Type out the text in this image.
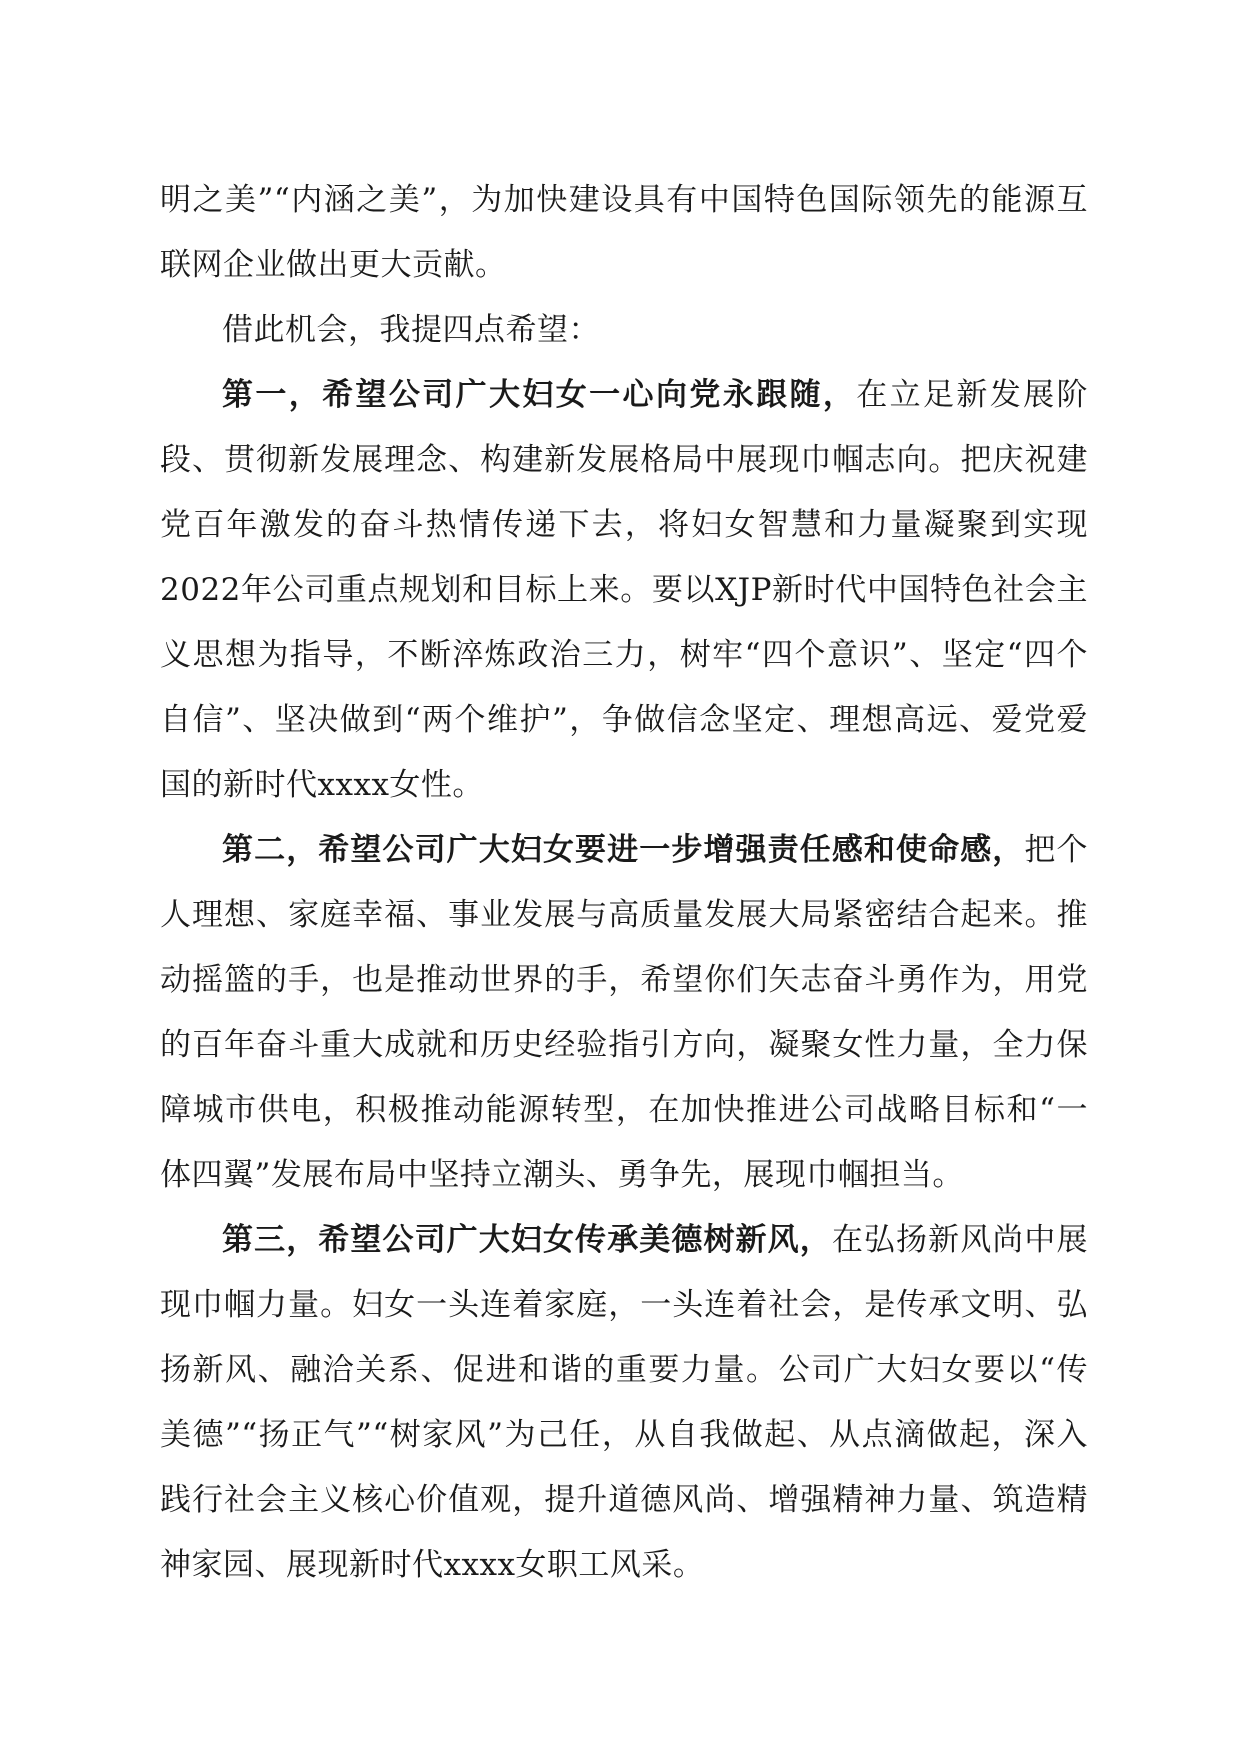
明之美”“内涵之美”，为加快建设具有中国特色国际领先的能源互联网企业做出更大贡献。

借此机会，我提四点希望：

第一，希望公司广大妇女一心向党永跟随，在立足新发展阶段、贯彻新发展理念、构建新发展格局中展现巾帼志向。把庆祝建党百年激发的奋斗热情传递下去，将妇女智慧和力量凝聚到实现2022年公司重点规划和目标上来。要以XJP新时代中国特色社会主义思想为指导，不断淬炼政治三力，树牢“四个意识”、坚定“四个自信”、坚决做到“两个维护”，争做信念坚定、理想高远、爱党爱国的新时代xxxx女性。

第二，希望公司广大妇女要进一步增强责任感和使命感，把个人理想、家庭幸福、事业发展与高质量发展大局紧密结合起来。推动摇篮的手，也是推动世界的手，希望你们矢志奋斗勇作为，用党的百年奋斗重大成就和历史经验指引方向，凝聚女性力量，全力保障城市供电，积极推动能源转型，在加快推进公司战略目标和“一体四翼”发展布局中坚持立潮头、勇争先，展现巾帼担当。

第三，希望公司广大妇女传承美德树新风，在弘扬新风尚中展现巾帼力量。妇女一头连着家庭，一头连着社会，是传承文明、弘扬新风、融洽关系、促进和谐的重要力量。公司广大妇女要以“传美德”“扬正气”“树家风”为己任，从自我做起、从点滴做起，深入践行社会主义核心价值观，提升道德风尚、增强精神力量、筑造精神家园、展现新时代xxxx女职工风采。
